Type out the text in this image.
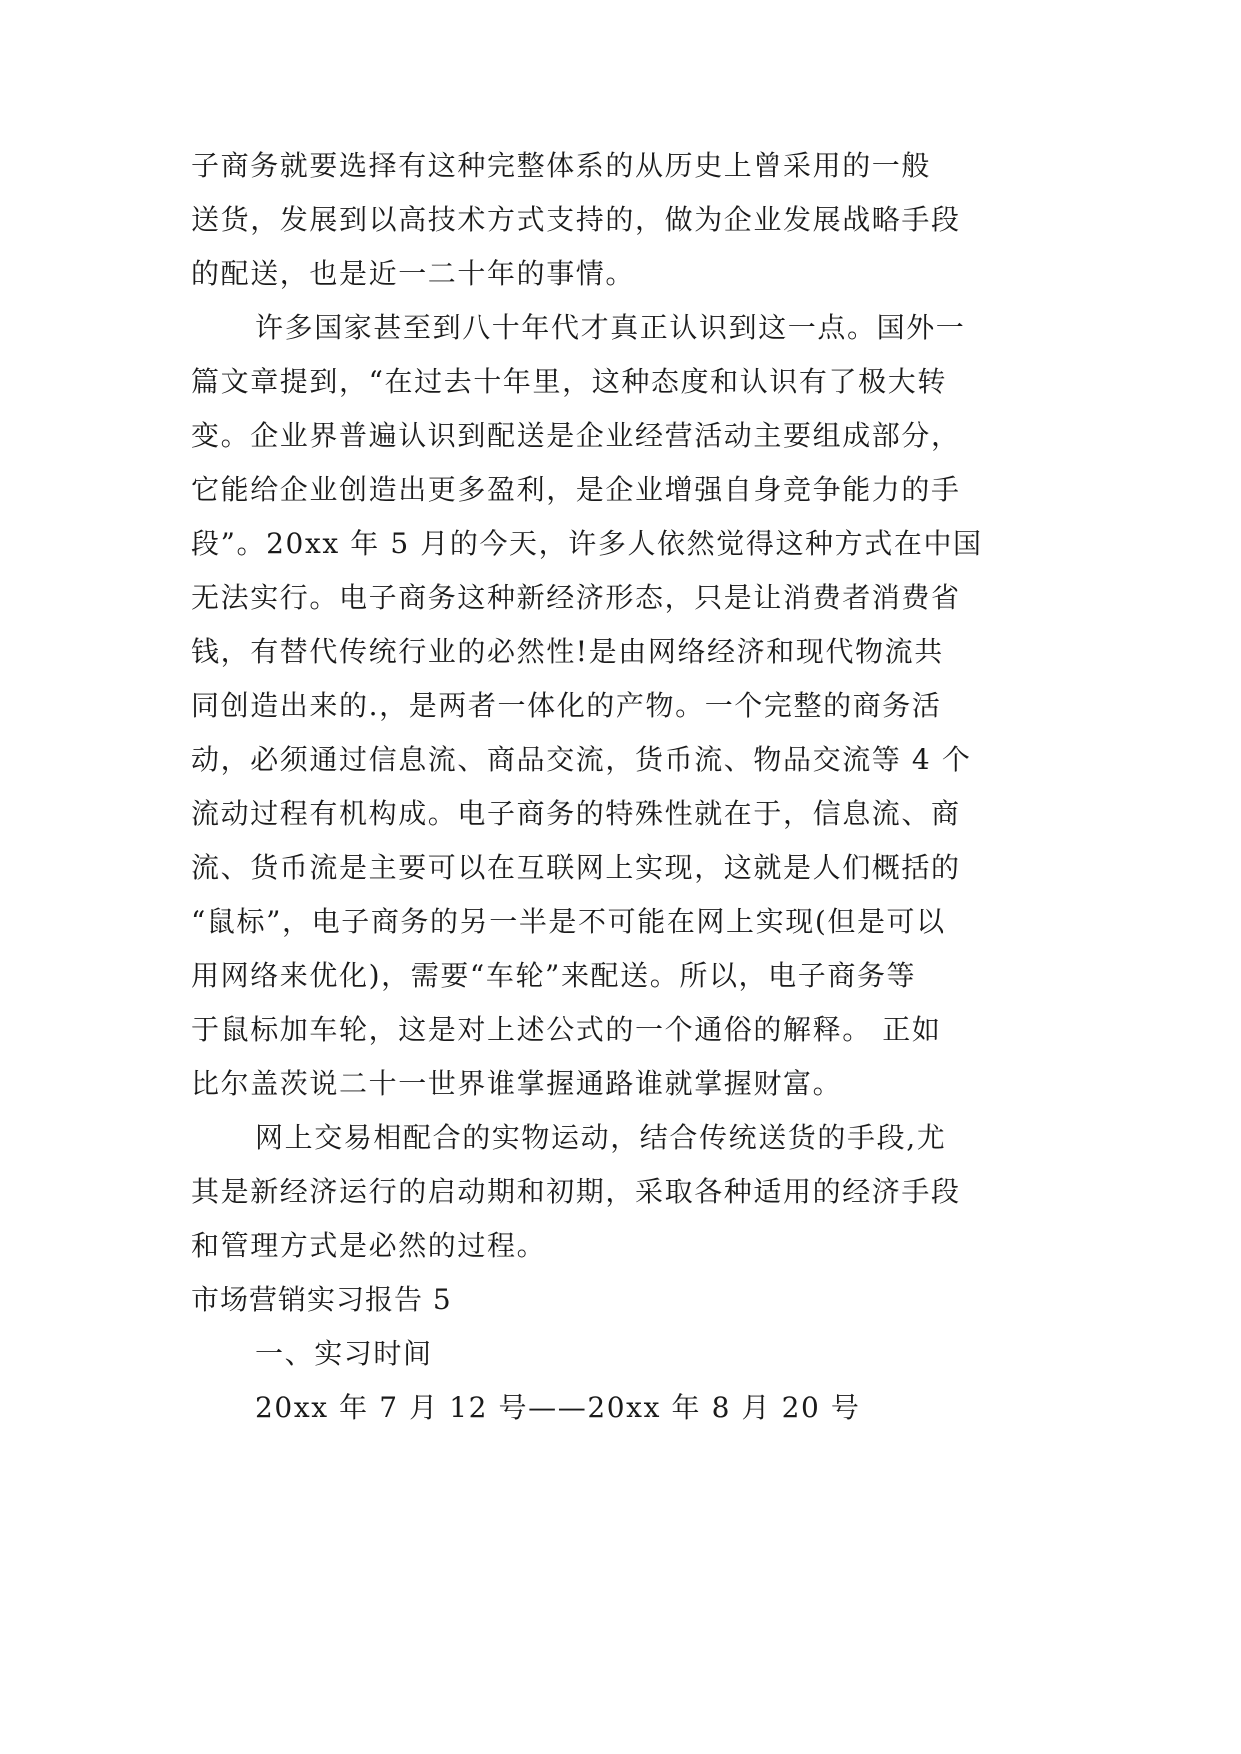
子商务就要选择有这种完整体系的从历史上曾采用的一般
送货，发展到以高技术方式支持的，做为企业发展战略手段
的配送，也是近一二十年的事情。
许多国家甚至到八十年代才真正认识到这一点。国外一
篇文章提到，“在过去十年里，这种态度和认识有了极大转
变。企业界普遍认识到配送是企业经营活动主要组成部分，
它能给企业创造出更多盈利，是企业增强自身竞争能力的手
段”。20xx 年 5 月的今天，许多人依然觉得这种方式在中国
无法实行。电子商务这种新经济形态，只是让消费者消费省
钱，有替代传统行业的必然性!是由网络经济和现代物流共
同创造出来的.，是两者一体化的产物。一个完整的商务活
动，必须通过信息流、商品交流，货币流、物品交流等 4 个
流动过程有机构成。电子商务的特殊性就在于，信息流、商
流、货币流是主要可以在互联网上实现，这就是人们概括的
“鼠标”，电子商务的另一半是不可能在网上实现(但是可以
用网络来优化)，需要“车轮”来配送。所以，电子商务等
于鼠标加车轮，这是对上述公式的一个通俗的解释。 正如
比尔盖茨说二十一世界谁掌握通路谁就掌握财富。
网上交易相配合的实物运动，结合传统送货的手段,尤
其是新经济运行的启动期和初期，采取各种适用的经济手段
和管理方式是必然的过程。
市场营销实习报告 5
一、实习时间
20xx 年 7 月 12 号——20xx 年 8 月 20 号
